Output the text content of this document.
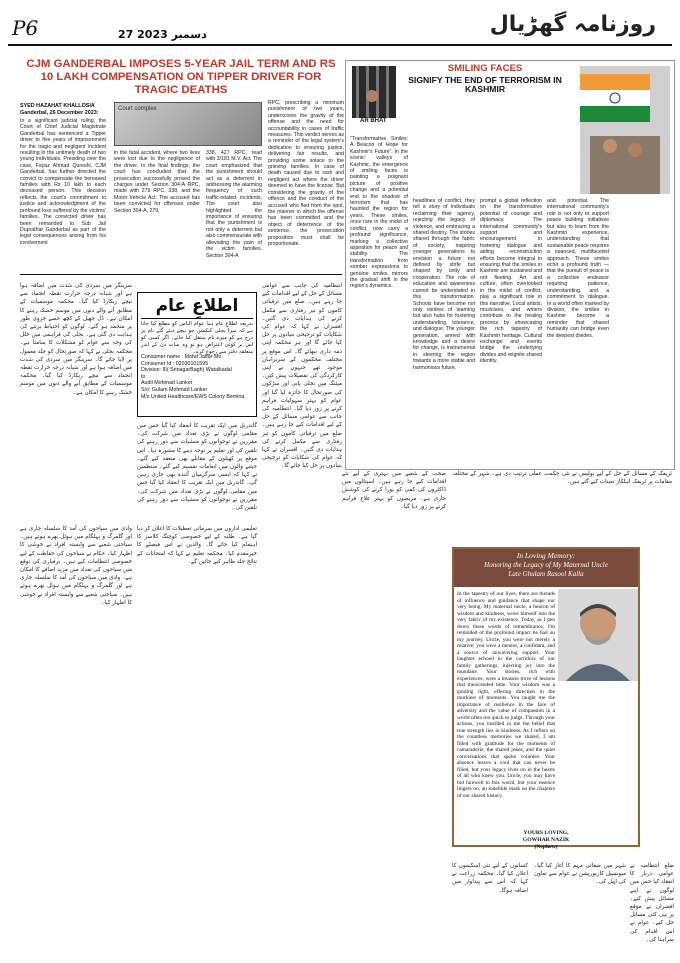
P6	27 دسمبر 2023	روزنامہ گھڑیال
CJM GANDERBAL IMPOSES 5-YEAR JAIL TERM AND RS 10 LAKH COMPENSATION ON TIPPER DRIVER FOR TRAGIC DEATHS
SYED HAZAHAT KHALLOSIA
Ganderbal, 26 December 2023:
In a significant judicial ruling, the Court of Chief Judicial Magistrate Ganderbal has sentenced a Tipper driver to five years of imprisonment for the tragic and negligent incident resulting in the untimely death of two young individuals. Presiding over the case, Fayaz Ahmad Qureshi, CJM Ganderbal, has further directed the convict to compensate the bereaved families with Rs 10 lakh to each deceased person. This decision reflects the court's commitment to justice and acknowledgment of the profound loss suffered by the victims' families. The convicted driver has been remanded to Sub Jail Duprathar Ganderbal as part of the legal consequences arising from his involvement
Court complex
in the fatal accident, where two lives were lost due to the negligence of the driver. In the final findings, the court has concluded that the prosecution successfully proved the charges under Section 304-A RPC, made with 279 RPC, 338, and the Motor Vehicle Act. The accused has been convicted for offenses under Section 304-A, 279,
338, 427 RPC, read with 3/181 M.V. Act. The court emphasized that the punishment should act as a deterrent in addressing the alarming frequency of such traffic-related incidents. The court also highlighted the importance of ensuring that the punishment is not only a deterrent but also commensurate with alleviating the pain of the victim families. Section 304-A
RPC, prescribing a minimum punishment of two years, underscores the gravity of the offense and the need for accountability in cases of traffic measures. This verdict serves as a reminder of the legal system's dedication to ensuring justice, delivering fair results, and providing some solace to the grieving families. In case of death caused due to rash and negligent act where the driver deemed to have the license. But considering the gravity of the offence and the conduct of the accused who fled from the spot, the manner in which the offense has been committed and the object of deterrence of the sentence, the prosecution proposition must shall be proportionate.
انتظامیہ کی جانب سے عوامی مسائل کے حل کے لیے اقدامات کیے جا رہے ہیں۔ ضلع میں ترقیاتی کاموں کو تیز رفتاری سے مکمل کرنے کی ہدایات دی گئیں۔ افسران نے کہا کہ عوام کی شکایات کو ترجیحی بنیادوں پر حل کیا جائے گا اور ہر محکمہ اپنی ذمہ داری نبھائے گا۔ اس موقع پر مختلف محکموں کے سربراہان موجود تھے جنہوں نے اپنی کارکردگی کی تفصیلات پیش کیں۔ میٹنگ میں بجلی پانی اور سڑکوں کی صورتحال کا جائزہ لیا گیا اور عوام کو بہتر سہولیات فراہم کرنے پر زور دیا گیا۔ انتظامیہ کی جانب سے عوامی مسائل کے حل کے لیے اقدامات کیے جا رہے ہیں۔ ضلع میں ترقیاتی کاموں کو تیز رفتاری سے مکمل کرنے کی ہدایات دی گئیں۔ افسران نے کہا کہ عوام کی شکایات کو ترجیحی بنیادوں پر حل کیا جائے گا۔
سرینگر میں سردی کی شدت میں اضافہ ہوا ہے اور شبانہ درجہ حرارت نقطہ انجماد سے نیچے ریکارڈ کیا گیا۔ محکمہ موسمیات کے مطابق آنے والے دنوں میں موسم خشک رہنے کا امکان ہے۔ ڈل جھیل کے کچھ حصے جزوی طور پر منجمد ہو گئے۔ لوگوں کو احتیاط برتنے کی ہدایت دی گئی ہے۔ بجلی کی فراہمی میں خلل کی وجہ سے عوام کو مشکلات کا سامنا ہے۔ محکمہ بجلی نے کہا کہ صورتحال کو جلد معمول پر لایا جائے گا۔ سرینگر میں سردی کی شدت میں اضافہ ہوا ہے اور شبانہ درجہ حرارت نقطہ انجماد سے نیچے ریکارڈ کیا گیا۔ محکمہ موسمیات کے مطابق آنے والے دنوں میں موسم خشک رہنے کا امکان ہے۔
گاندربل میں ایک تقریب کا انعقاد کیا گیا جس میں مقامی لوگوں نے بڑی تعداد میں شرکت کی۔ مقررین نے نوجوانوں کو منشیات سے دور رہنے کی تلقین کی اور تعلیم پر توجہ دینے کا مشورہ دیا۔ اس موقع پر کھیلوں کے مقابلے بھی منعقد کیے گئے۔ جیتنے والوں میں انعامات تقسیم کیے گئے۔ منتظمین نے کہا کہ ایسی سرگرمیاں آئندہ بھی جاری رہیں گی۔ گاندربل میں ایک تقریب کا انعقاد کیا گیا جس میں مقامی لوگوں نے بڑی تعداد میں شرکت کی۔ مقررین نے نوجوانوں کو منشیات سے دور رہنے کی تلقین کی۔
وادی میں سیاحوں کی آمد کا سلسلہ جاری ہے اور گلمرگ و پہلگام میں ہوٹل بھرے ہوئے ہیں۔ سیاحتی شعبے سے وابستہ افراد نے خوشی کا اظہار کیا۔ حکام نے سیاحوں کی حفاظت کے لیے خصوصی انتظامات کیے ہیں۔ برفباری کی توقع میں سیاحوں کی تعداد میں مزید اضافے کا امکان ہے۔ وادی میں سیاحوں کی آمد کا سلسلہ جاری ہے اور گلمرگ و پہلگام میں ہوٹل بھرے ہوئے ہیں۔ سیاحتی شعبے سے وابستہ افراد نے خوشی کا اظہار کیا۔
تعلیمی اداروں میں سرمائی تعطیلات کا اعلان کر دیا گیا ہے۔ طلبہ کے لیے خصوصی کوچنگ کلاسز کا اہتمام کیا جائے گا۔ والدین نے اس فیصلے کا خیرمقدم کیا۔ محکمہ تعلیم نے کہا کہ امتحانات کے نتائج جلد ظاہر کیے جائیں گے۔
اطلاعِ عام
بذریعہ اطلاعِ عام ہذا عوام الناس کو مطلع کیا جاتا ہے کہ میرا بجلی کنکشن جو نیچے دیئے گئے نام پر درج ہے کو میرے نام منتقل کیا جائے۔ اگر کسی کو اس پر کوئی اعتراض ہو تو وہ سات دن کے اندر متعلقہ دفتر سے رجوع کرے۔
Consumer name : Mohd Jaffar Mir
Consumer Id : 02030101595
Division: III( SrinagarBagh) Watalkadal
to
Audil Mohmad Lanker
S/o: Gulam Mohmad Lanker
M/s United Healthcare/EWS Colony Bemina
SMILING FACES
SIGNIFY THE END OF TERRORISM IN KASHMIR
AR BHAT
"Transformative Smiles: A Beacon of Hope for Kashmir's Future". In the scenic valleys of Kashmir, the emergence of smiling faces is painting a poignant picture of positive change and a potential end to the shadow of terrorism that has haunted the region for years. These smiles, once rare in the midst of conflict, now carry a profound significance, marking a collective aspiration for peace and stability. The transformation from somber expressions to genuine smiles mirrors the gradual shift in the region's dynamics.
headlines of conflict, they tell a story of individuals reclaiming their agency, rejecting the legacy of violence, and embracing a shared destiny. The stories shared through the fabric of society, inspiring younger generations to envision a future not defined by strife but shaped by unity and cooperation. The role of education and awareness cannot be understated in this transformation. Schools have become not only centres of learning but also hubs for fostering understanding, tolerance, and dialogue. The younger generation, armed with knowledge and a desire for change, is instrumental in steering the region towards a more stable and harmonious future.
prompt a global reflection on the transformative potential of courage and diplomacy. The international community's support and encouragement in fostering dialogue and aiding reconstruction efforts become integral to ensuring that the smiles in Kashmir are sustained and not fleeting. Art and culture, often overlooked in the midst of conflict, play a significant role in this narrative. Local artists, musicians, and writers contribute to the healing process by showcasing the rich tapestry of Kashmiri heritage. Cultural exchange and events bridge the underlying divides and reignite shared identity.
and potential. The international community's role is not only to support peace building initiatives but also to learn from the Kashmiri experience, understanding that sustainable peace requires a nuanced, multifaceted approach. These smiles echo a profound truth — that the pursuit of peace is a collective endeavor requiring patience, understanding, and a commitment to dialogue. In a world often marked by division, the smiles in Kashmir become a reminder that shared humanity can bridge even the deepest divides.
صحت کے شعبے میں بہتری کے لیے نئے اقدامات کیے جا رہے ہیں۔ اسپتالوں میں ڈاکٹروں کی کمی کو پورا کرنے کی کوشش جاری ہے۔ مریضوں کو بہتر علاج فراہم کرنے پر زور دیا گیا۔
ٹریفک کے مسائل کے حل کے لیے پولیس نے نئی حکمت عملی ترتیب دی ہے۔ شہر کے مختلف مقامات پر ٹریفک اہلکار تعینات کیے گئے ہیں۔
In Loving Memory:
Honoring the Legacy of My Maternal Uncle
Late Ghulam Rasool Kalla
In the tapestry of our lives, there are threads of influence and guidance that shape our very being. My maternal uncle, a beacon of wisdom and kindness, wove himself into the very fabric of my existence. Today, as I pen down these words of remembrance, I'm reminded of the profound impact he had on my journey. Uncle, you were not merely a relative; you were a mentor, a confidant, and a source of unwavering support. Your laughter echoed in the corridors of our family gatherings, injecting joy into the mundane. Your stories, rich with experiences, were a treasure trove of lessons that transcended time. Your wisdom was a guiding light, offering direction in the murkiest of moments. You taught me the importance of resilience in the face of adversity and the value of compassion in a world often too quick to judge. Through your actions, you instilled in me the belief that true strength lies in kindness. As I reflect on the countless memories we shared, I am filled with gratitude for the moments of camaraderie, the shared jokes, and the quiet conversations that spoke volumes. Your absence leaves a void that can never be filled, but your legacy lives on in the hearts of all who knew you. Uncle, you may have bid farewell to this world, but your essence lingers on, an indelible mark on the chapters of our shared history.
YOURS LOVING,
GOWHAR NAZIR
(Nephew)
کسانوں کے لیے نئی اسکیموں کا اعلان کیا گیا۔ محکمہ زراعت نے کہا کہ اس سے پیداوار میں اضافہ ہوگا۔
شہر میں صفائی مہم کا آغاز کیا گیا۔ میونسپل کارپوریشن نے عوام سے تعاون کی اپیل کی۔
ضلع انتظامیہ نے عوامی دربار کا انعقاد کیا جس میں لوگوں نے اپنے مسائل پیش کیے۔ افسران نے موقع پر ہی کئی مسائل حل کیے۔ عوام نے اس اقدام کی سراہنا کی۔
